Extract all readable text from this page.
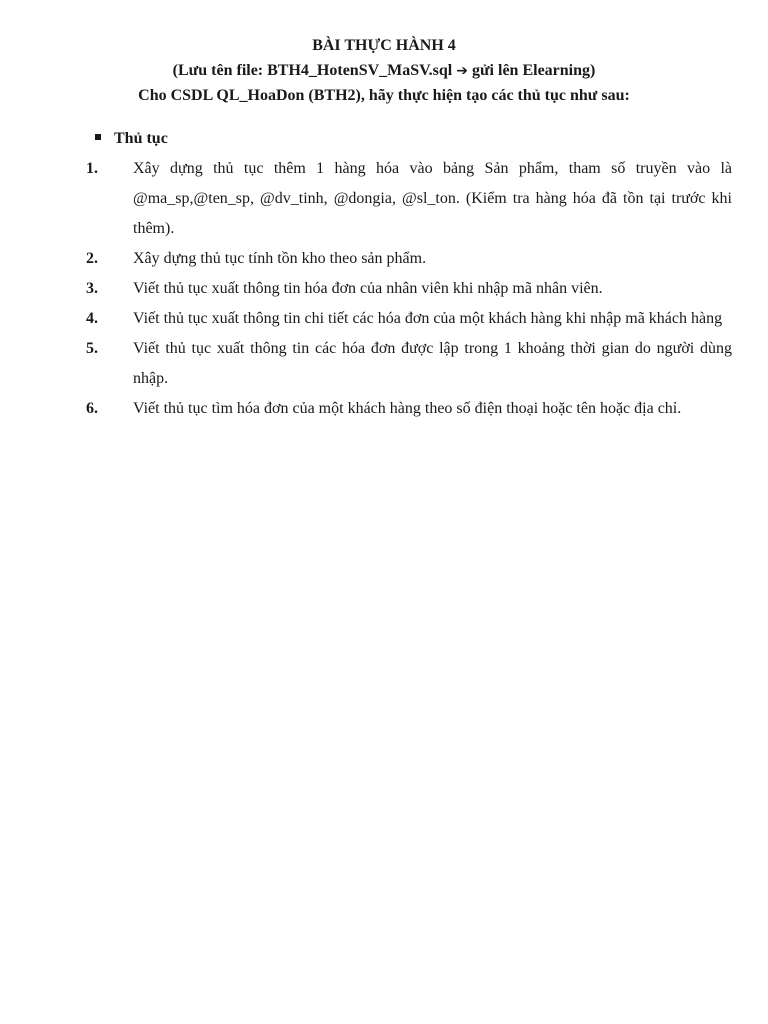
BÀI THỰC HÀNH 4
(Lưu tên file: BTH4_HotenSV_MaSV.sql ➔ gửi lên Elearning)
Cho CSDL QL_HoaDon (BTH2), hãy thực hiện tạo các thủ tục như sau:
Thủ tục
1. Xây dựng thủ tục thêm 1 hàng hóa vào bảng Sản phẩm, tham số truyền vào là @ma_sp,@ten_sp, @dv_tinh, @dongia, @sl_ton. (Kiểm tra hàng hóa đã tồn tại trước khi thêm).
2. Xây dựng thủ tục tính tồn kho theo sản phẩm.
3. Viết thủ tục xuất thông tin hóa đơn của nhân viên khi nhập mã nhân viên.
4. Viết thủ tục xuất thông tin chi tiết các hóa đơn của một khách hàng khi nhập mã khách hàng
5. Viết thủ tục xuất thông tin các hóa đơn được lập trong 1 khoảng thời gian do người dùng nhập.
6. Viết thủ tục tìm hóa đơn của một khách hàng theo số điện thoại hoặc tên hoặc địa chỉ.
